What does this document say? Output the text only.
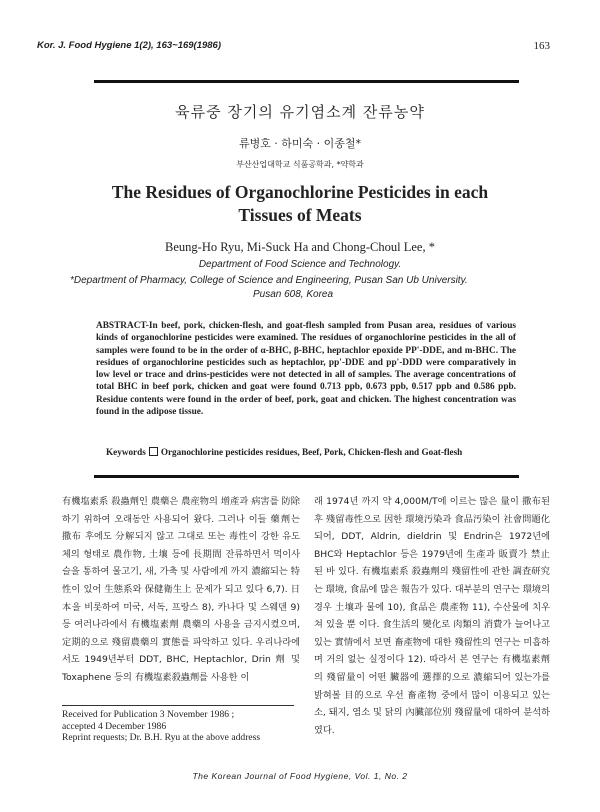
Kor. J. Food Hygiene 1(2), 163~169(1986)	163
육류중 장기의 유기염소계 잔류농약
류병호 · 하미숙 · 이종철*
부산산업대학교 식품공학과, *약학과
The Residues of Organochlorine Pesticides in each
Tissues of Meats
Beung-Ho Ryu, Mi-Suck Ha and Chong-Choul Lee, *
Department of Food Science and Technology.
*Department of Pharmacy, College of Science and Engineering, Pusan San Ub University.
Pusan 608, Korea

ABSTRACT-In beef, pork, chicken-flesh, and goat-flesh sampled from Pusan area, residues of various kinds of organochlorine pesticides were examined. The residues of organochlorine pesticides in the all of samples were found to be in the order of α-BHC, β-BHC, heptachlor epoxide PP'-DDE, and m-BHC. The residues of organochlorine pesticides such as heptachlor, pp'-DDE and pp'-DDD were comparatively in low level or trace and drins-pesticides were not detected in all of samples. The average concentrations of total BHC in beef pork, chicken and goat were found 0.713 ppb, 0.673 ppb, 0.517 ppb and 0.586 ppb. Residue contents were found in the order of beef, pork, goat and chicken. The highest concentration was found in the adipose tissue.

Keywords Organochlorine pesticides residues, Beef, Pork, Chicken-flesh and Goat-flesh

有機塩素系 殺蟲劑인 農藥은 農産物의 增產과 病害를 防除하기 위하여 오래동안 사용되어 왔다. 그러나 이들 藥劑는 撒布 후에도 分解되지 않고 그대로 또는 毒性이 강한 유도체의 형태로 農作物, 土壤 등에 長期間 잔류하면서 먹이사슬을 통하여 물고기, 새, 가축 및 사람에게 까지 濃縮되는 特性이 있어 生態系와 保健衛生上 문제가 되고 있다 6,7). 日本을 비롯하여 미국, 서독, 프랑스 8), 카나다 및 스웨덴 9) 등 여러나라에서 有機塩素劑 農藥의 사용을 금지시켰으며, 定期的으로 殘留農藥의 實態를 파악하고 있다. 우리나라에서도 1949년부터 DDT, BHC, Heptachlor, Drin 劑 및 Toxaphene 등의 有機塩素殺蟲劑를 사용한 이

Received for Publication 3 November 1986 ;
accepted 4 December 1986
Reprint requests; Dr. B.H. Ryu at the above address

래 1974년 까지 약 4,000M/T에 이르는 많은 量이 撒布된 후 殘留毒性으로 因한 環境汚染과 食品汚染이 社會問題化되어, DDT, Aldrin, dieldrin 및 Endrin은 1972년에 BHC와 Heptachlor 등은 1979년에 生產과 販賣가 禁止된 바 있다. 有機塩素系 殺蟲劑의 殘留性에 관한 調査研究는 環境, 食品에 많은 報告가 있다. 대부분의 연구는 環境의 경우 土壤과 물에 10), 食品은 農產物 11), 수산물에 치우쳐 있을 뿐 이다. 食生活의 變化로 肉類의 消費가 늘어나고 있는 實情에서 보면 畜產物에 대한 殘留性의 연구는 미흡하며 거의 없는 실정이다 12). 따라서 본 연구는 有機塩素劑의 殘留量이 어떤 臟器에 選擇的으로 濃縮되어 있는가를 밝혀볼 目的으로 우선 畜產物 중에서 많이 이용되고 있는 소, 돼지, 염소 및 닭의 內臟部位別 殘留量에 대하여 분석하였다.

The Korean Journal of Food Hygiene, Vol. 1, No. 2
